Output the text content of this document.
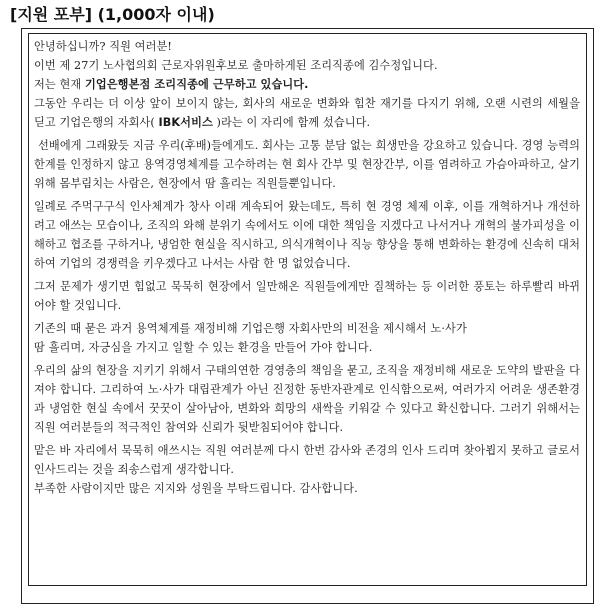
[지원 포부] (1,000자 이내)
안녕하십니까? 직원 여러분!
이번 제 27기 노사협의회 근로자위원후보로 출마하게된 조리직종에 김수정입니다.
저는 현재 기업은행본점 조리직종에 근무하고 있습니다.
그동안 우리는 더 이상 앞이 보이지 않는, 회사의 새로운 변화와 힘찬 재기를 다지기 위해, 오랜 시련의 세월을 딛고 기업은행의 자회사( IBK서비스 )라는 이 자리에 함께 섰습니다.
선배에게 그래왔듯 지금 우리(후배)들에게도. 회사는 고통 분담 없는 희생만을 강요하고 있습니다. 경영 능력의 한계를 인정하지 않고 용역경영체계를 고수하려는 현 회사 간부 및 현장간부, 이를 염려하고 가슴아파하고, 살기 위해 몸부림치는 사람은, 현장에서 땀 흘리는 직원들뿐입니다.
일례로 주먹구구식 인사체계가 창사 이래 계속되어 왔는데도, 특히 현 경영 체제 이후, 이를 개혁하거나 개선하려고 애쓰는 모습이나, 조직의 와해 분위기 속에서도 이에 대한 책임을 지겠다고 나서거나 개혁의 불가피성을 이해하고 협조를 구하거나, 냉엄한 현실을 직시하고, 의식개혁이나 직능 향상을 통해 변화하는 환경에 신속히 대처하여 기업의 경쟁력을 키우겠다고 나서는 사람 한 명 없었습니다.
그저 문제가 생기면 힘없고 묵묵히 현장에서 일만해온 직원들에게만 질책하는 등 이러한 풍토는 하루빨리 바뀌어야 할 것입니다.
기존의 때 묻은 과거 용역체계를 재정비해 기업은행 자회사만의 비전을 제시해서 노·사가
땀 흘리며, 자긍심을 가지고 일할 수 있는 환경을 만들어 가야 합니다.
우리의 삶의 현장을 지키기 위해서 구태의연한 경영층의 책임을 묻고, 조직을 재정비해 새로운 도약의 발판을 다져야 합니다. 그리하여 노·사가 대립관계가 아닌 진정한 동반자관계로 인식함으로써, 여러가지 어려운 생존환경과 냉엄한 현실 속에서 꿋꿋이 살아남아, 변화와 희망의 새싹을 키워갈 수 있다고 확신합니다. 그러기 위해서는 직원 여러분들의 적극적인 참여와 신뢰가 뒷받침되어야 합니다.
맡은 바 자리에서 묵묵히 애쓰시는 직원 여러분께 다시 한번 감사와 존경의 인사 드리며 찾아뵙지 못하고 글로서 인사드리는 것을 죄송스럽게 생각합니다.
부족한 사람이지만 많은 지지와 성원을 부탁드립니다. 감사합니다.
